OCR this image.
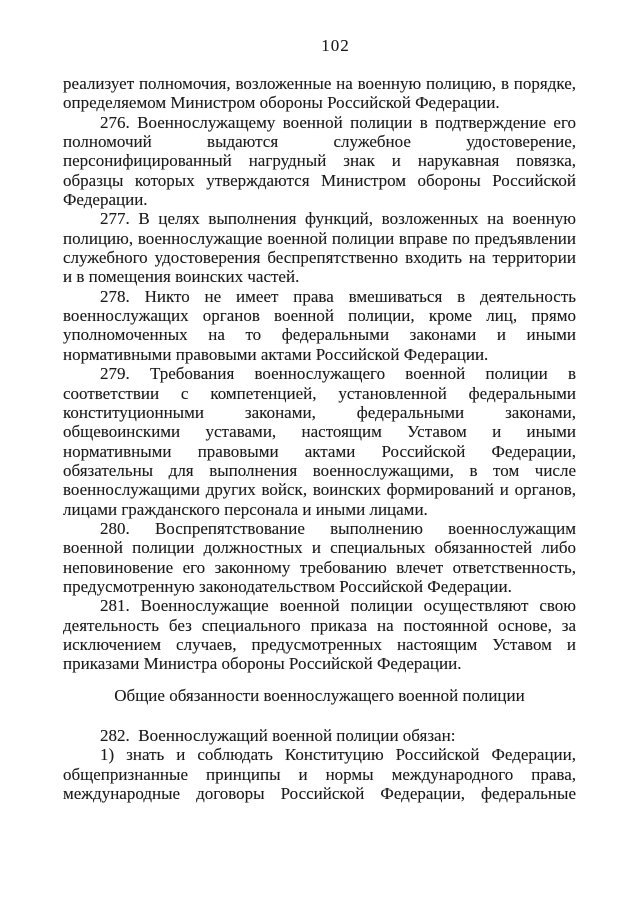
102
реализует полномочия, возложенные на военную полицию, в порядке,
определяемом Министром обороны Российской Федерации.
276. Военнослужащему военной полиции в подтверждение его
полномочий выдаются служебное удостоверение,
персонифицированный нагрудный знак и нарукавная повязка,
образцы которых утверждаются Министром обороны Российской
Федерации.
277. В целях выполнения функций, возложенных на военную
полицию, военнослужащие военной полиции вправе по предъявлении
служебного удостоверения беспрепятственно входить на территории
и в помещения воинских частей.
278. Никто не имеет права вмешиваться в деятельность
военнослужащих органов военной полиции, кроме лиц, прямо
уполномоченных на то федеральными законами и иными
нормативными правовыми актами Российской Федерации.
279. Требования военнослужащего военной полиции в
соответствии с компетенцией, установленной федеральными
конституционными законами, федеральными законами,
общевоинскими уставами, настоящим Уставом и иными
нормативными правовыми актами Российской Федерации,
обязательны для выполнения военнослужащими, в том числе
военнослужащими других войск, воинских формирований и органов,
лицами гражданского персонала и иными лицами.
280. Воспрепятствование выполнению военнослужащим
военной полиции должностных и специальных обязанностей либо
неповиновение его законному требованию влечет ответственность,
предусмотренную законодательством Российской Федерации.
281. Военнослужащие военной полиции осуществляют свою
деятельность без специального приказа на постоянной основе, за
исключением случаев, предусмотренных настоящим Уставом и
приказами Министра обороны Российской Федерации.
Общие обязанности военнослужащего военной полиции
282.  Военнослужащий военной полиции обязан:
1) знать и соблюдать Конституцию Российской Федерации,
общепризнанные принципы и нормы международного права,
международные договоры Российской Федерации, федеральные
